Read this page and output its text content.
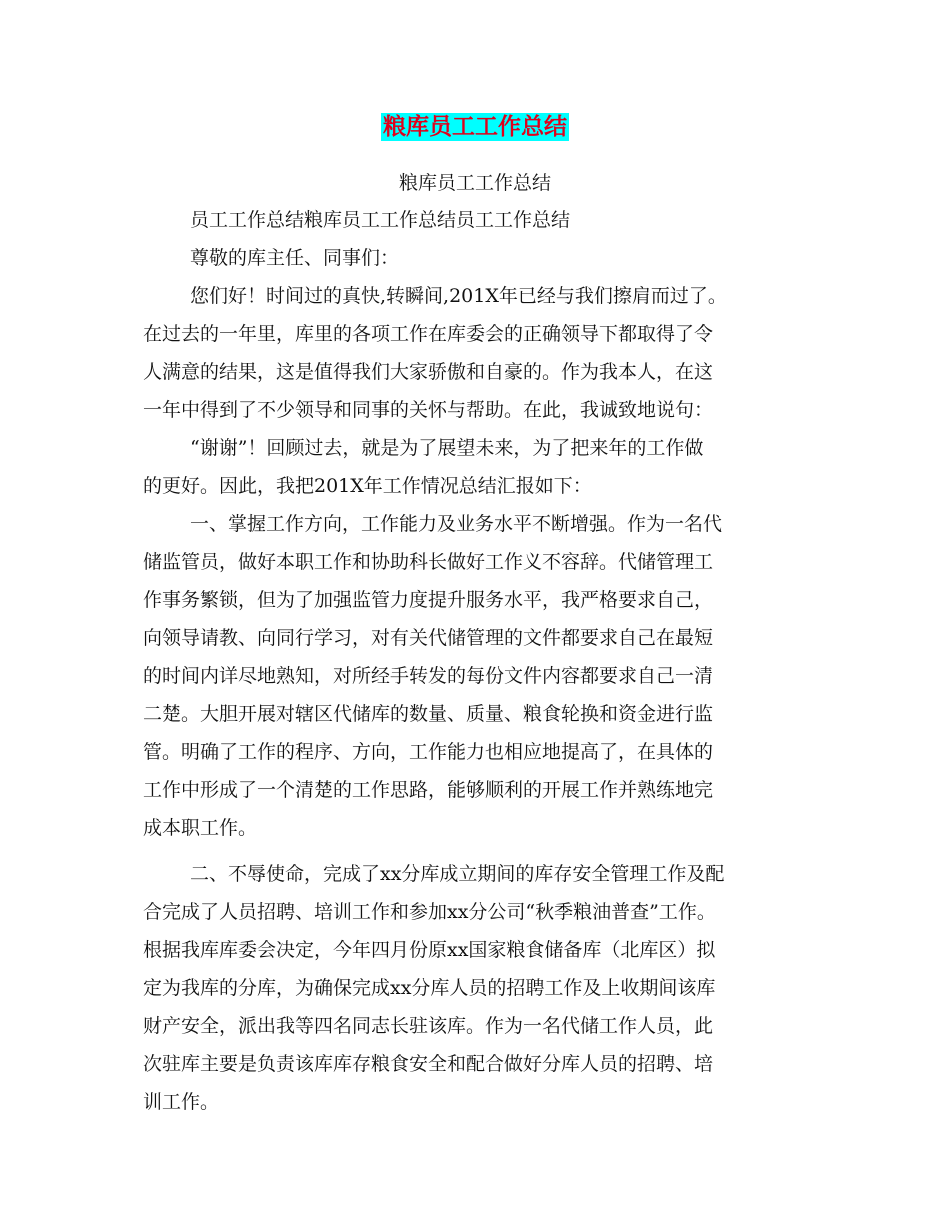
粮库员工工作总结

粮库员工工作总结

员工工作总结粮库员工工作总结员工工作总结

尊敬的库主任、同事们：

您们好！时间过的真快,转瞬间,201X年已经与我们擦肩而过了。
在过去的一年里，库里的各项工作在库委会的正确领导下都取得了令
人满意的结果，这是值得我们大家骄傲和自豪的。作为我本人，在这
一年中得到了不少领导和同事的关怀与帮助。在此，我诚致地说句：

“谢谢”！回顾过去，就是为了展望未来，为了把来年的工作做
的更好。因此，我把201X年工作情况总结汇报如下：

一、掌握工作方向，工作能力及业务水平不断增强。作为一名代
储监管员，做好本职工作和协助科长做好工作义不容辞。代储管理工
作事务繁锁，但为了加强监管力度提升服务水平，我严格要求自己，
向领导请教、向同行学习，对有关代储管理的文件都要求自己在最短
的时间内详尽地熟知，对所经手转发的每份文件内容都要求自己一清
二楚。大胆开展对辖区代储库的数量、质量、粮食轮换和资金进行监
管。明确了工作的程序、方向，工作能力也相应地提高了，在具体的
工作中形成了一个清楚的工作思路，能够顺利的开展工作并熟练地完
成本职工作。

二、不辱使命，完成了xx分库成立期间的库存安全管理工作及配
合完成了人员招聘、培训工作和参加xx分公司“秋季粮油普查”工作。
根据我库库委会决定，今年四月份原xx国家粮食储备库（北库区）拟
定为我库的分库，为确保完成xx分库人员的招聘工作及上收期间该库
财产安全，派出我等四名同志长驻该库。作为一名代储工作人员，此
次驻库主要是负责该库库存粮食安全和配合做好分库人员的招聘、培
训工作。
